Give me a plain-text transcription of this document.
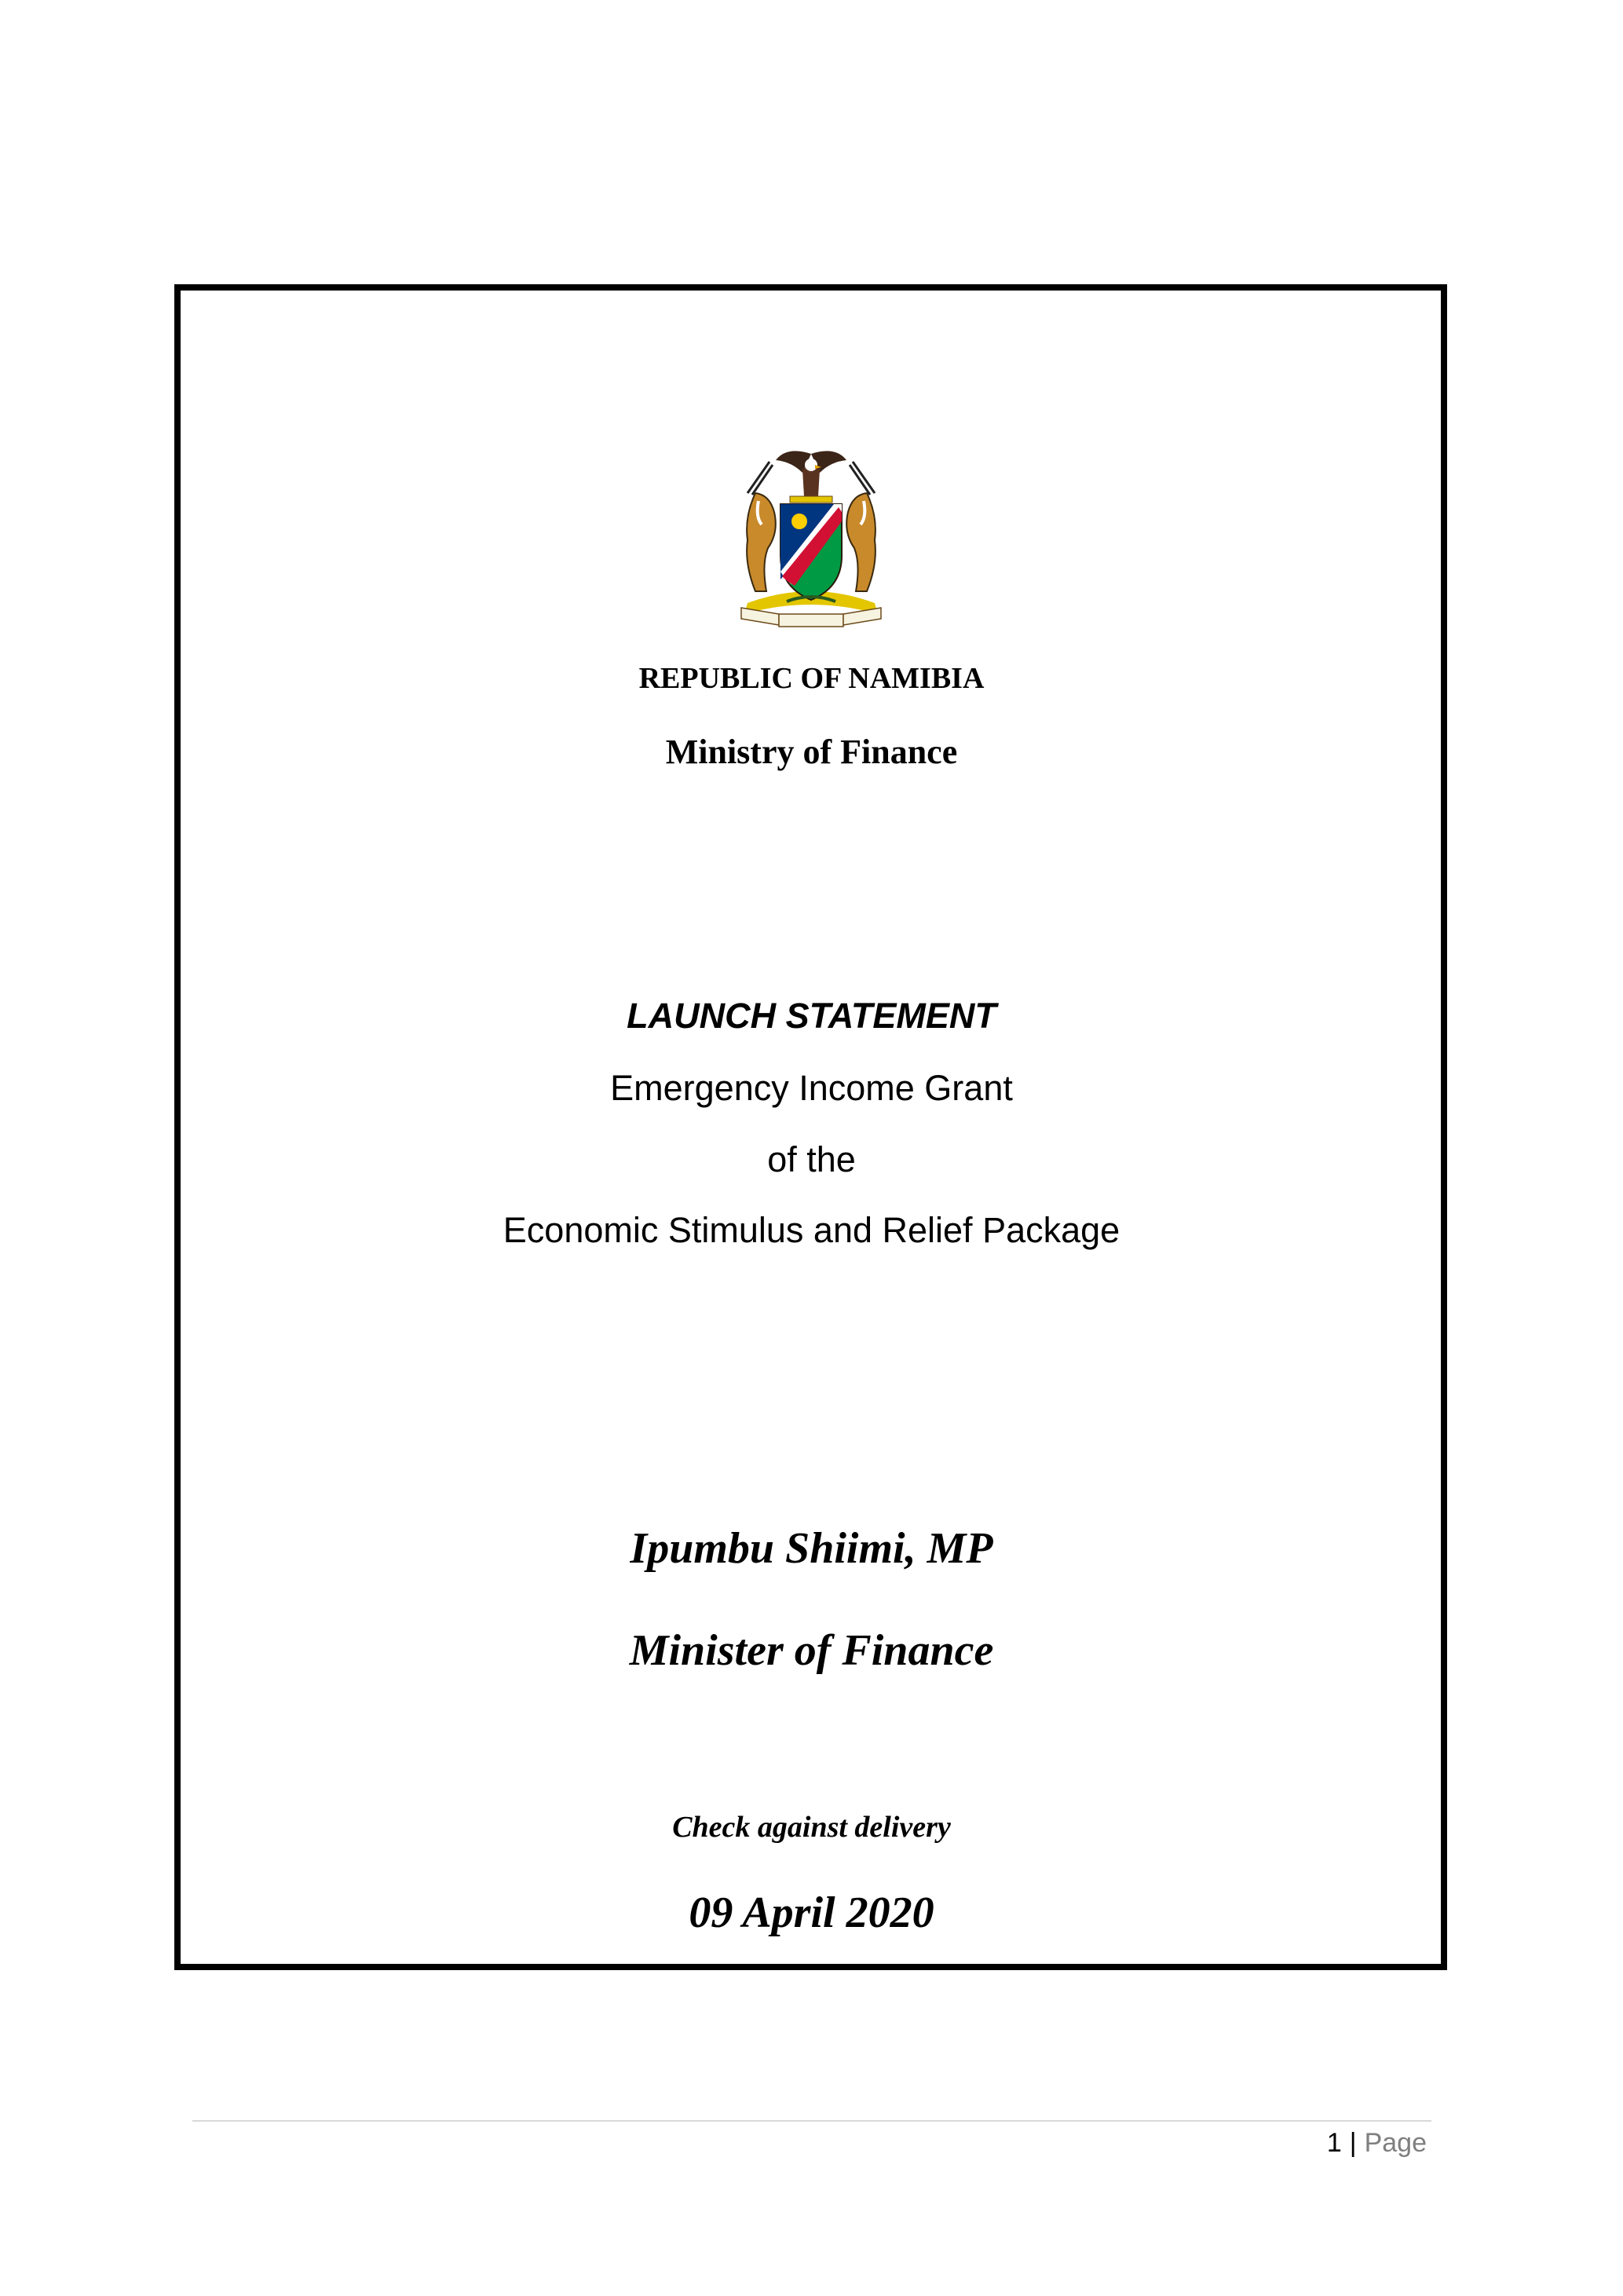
REPUBLIC OF NAMIBIA
Ministry of Finance
LAUNCH STATEMENT
Emergency Income Grant
of the
Economic Stimulus and Relief Package
Ipumbu Shiimi, MP
Minister of Finance
Check against delivery
09 April 2020
1 | Page
